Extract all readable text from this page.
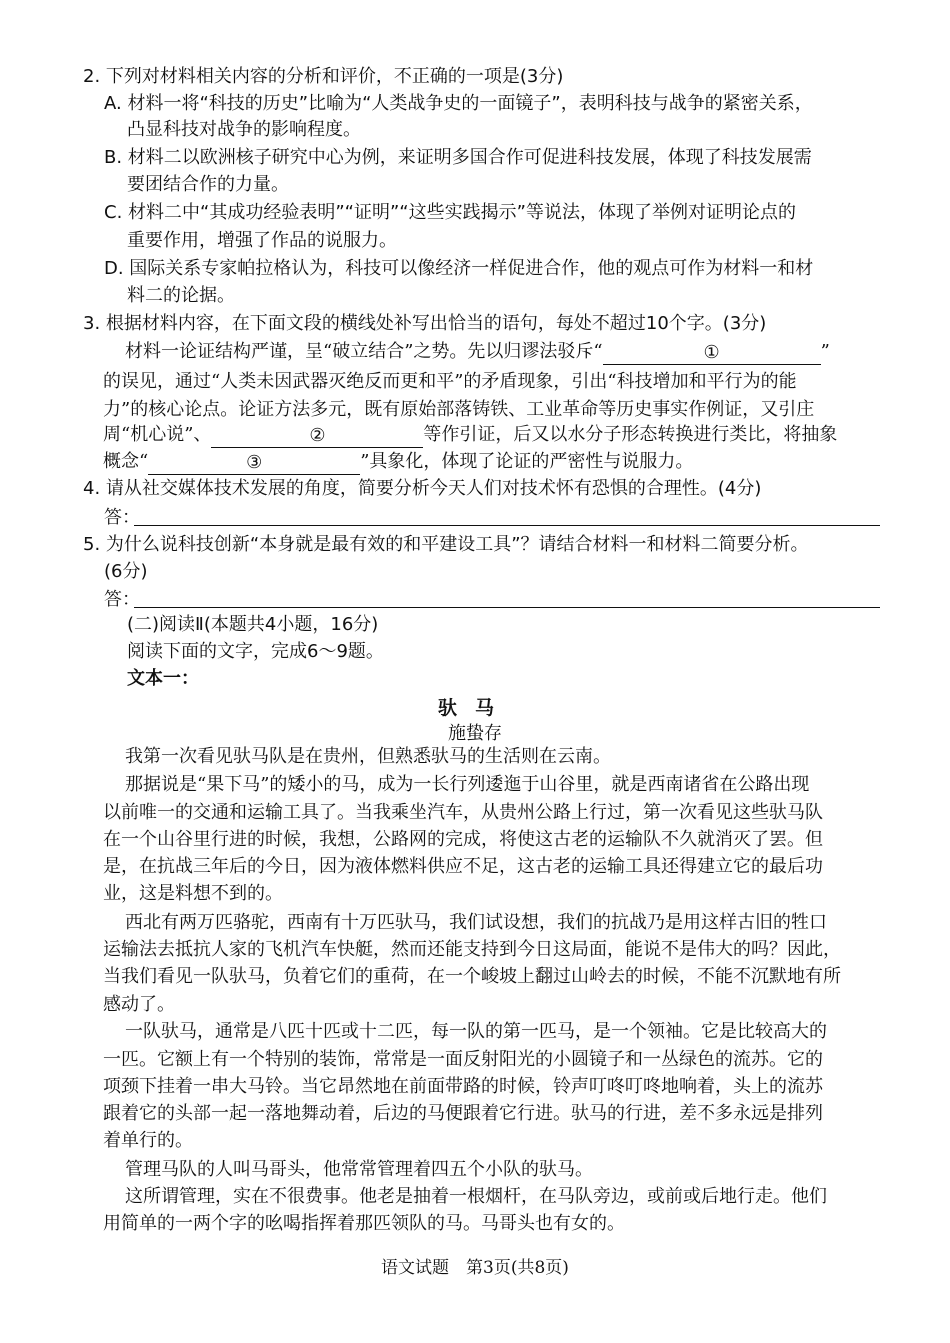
2. 下列对材料相关内容的分析和评价，不正确的一项是(3分)
A. 材料一将“科技的历史”比喻为“人类战争史的一面镜子”，表明科技与战争的紧密关系，
凸显科技对战争的影响程度。
B. 材料二以欧洲核子研究中心为例，来证明多国合作可促进科技发展，体现了科技发展需
要团结合作的力量。
C. 材料二中“其成功经验表明”“证明”“这些实践揭示”等说法，体现了举例对证明论点的
重要作用，增强了作品的说服力。
D. 国际关系专家帕拉格认为，科技可以像经济一样促进合作，他的观点可作为材料一和材
料二的论据。
3. 根据材料内容，在下面文段的横线处补写出恰当的语句，每处不超过10个字。(3分)
材料一论证结构严谨，呈“破立结合”之势。先以归谬法驳斥“	①	”
的误见，通过“人类未因武器灭绝反而更和平”的矛盾现象，引出“科技增加和平行为的能
力”的核心论点。论证方法多元，既有原始部落铸铁、工业革命等历史事实作例证，又引庄
周“机心说”、	②	等作引证，后又以水分子形态转换进行类比，将抽象
概念“	③	”具象化，体现了论证的严密性与说服力。
4. 请从社交媒体技术发展的角度，简要分析今天人们对技术怀有恐惧的合理性。(4分)
答：
5. 为什么说科技创新“本身就是最有效的和平建设工具”？请结合材料一和材料二简要分析。
(6分)
答：
(二)阅读Ⅱ(本题共4小题，16分)
阅读下面的文字，完成6～9题。
文本一：
驮马
施蛰存
我第一次看见驮马队是在贵州，但熟悉驮马的生活则在云南。
那据说是“果下马”的矮小的马，成为一长行列逶迤于山谷里，就是西南诸省在公路出现
以前唯一的交通和运输工具了。当我乘坐汽车，从贵州公路上行过，第一次看见这些驮马队
在一个山谷里行进的时候，我想，公路网的完成，将使这古老的运输队不久就消灭了罢。但
是，在抗战三年后的今日，因为液体燃料供应不足，这古老的运输工具还得建立它的最后功
业，这是料想不到的。
西北有两万匹骆驼，西南有十万匹驮马，我们试设想，我们的抗战乃是用这样古旧的牲口
运输法去抵抗人家的飞机汽车快艇，然而还能支持到今日这局面，能说不是伟大的吗？因此，
当我们看见一队驮马，负着它们的重荷，在一个峻坡上翻过山岭去的时候，不能不沉默地有所
感动了。
一队驮马，通常是八匹十匹或十二匹，每一队的第一匹马，是一个领袖。它是比较高大的
一匹。它额上有一个特别的装饰，常常是一面反射阳光的小圆镜子和一丛绿色的流苏。它的
项颈下挂着一串大马铃。当它昂然地在前面带路的时候，铃声叮咚叮咚地响着，头上的流苏
跟着它的头部一起一落地舞动着，后边的马便跟着它行进。驮马的行进，差不多永远是排列
着单行的。
管理马队的人叫马哥头，他常常管理着四五个小队的驮马。
这所谓管理，实在不很费事。他老是抽着一根烟杆，在马队旁边，或前或后地行走。他们
用简单的一两个字的吆喝指挥着那匹领队的马。马哥头也有女的。
语文试题　第3页(共8页)
